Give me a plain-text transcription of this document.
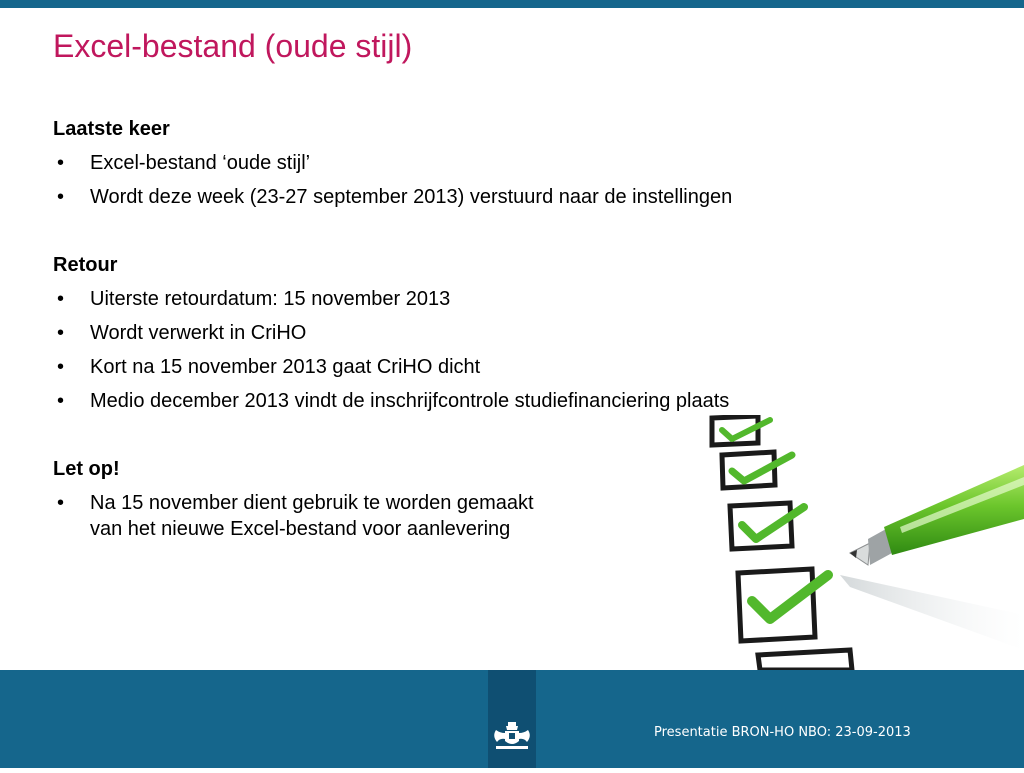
Excel-bestand (oude stijl)
Laatste keer
• Excel-bestand ‘oude stijl’
• Wordt deze week (23-27 september 2013) verstuurd naar de instellingen
Retour
• Uiterste retourdatum: 15 november 2013
• Wordt verwerkt in CriHO
• Kort na 15 november 2013 gaat CriHO dicht
• Medio december 2013 vindt de inschrijfcontrole studiefinanciering plaats
Let op!
• Na 15 november dient gebruik te worden gemaakt
van het nieuwe Excel-bestand voor aanlevering
Presentatie BRON-HO NBO: 23-09-2013
